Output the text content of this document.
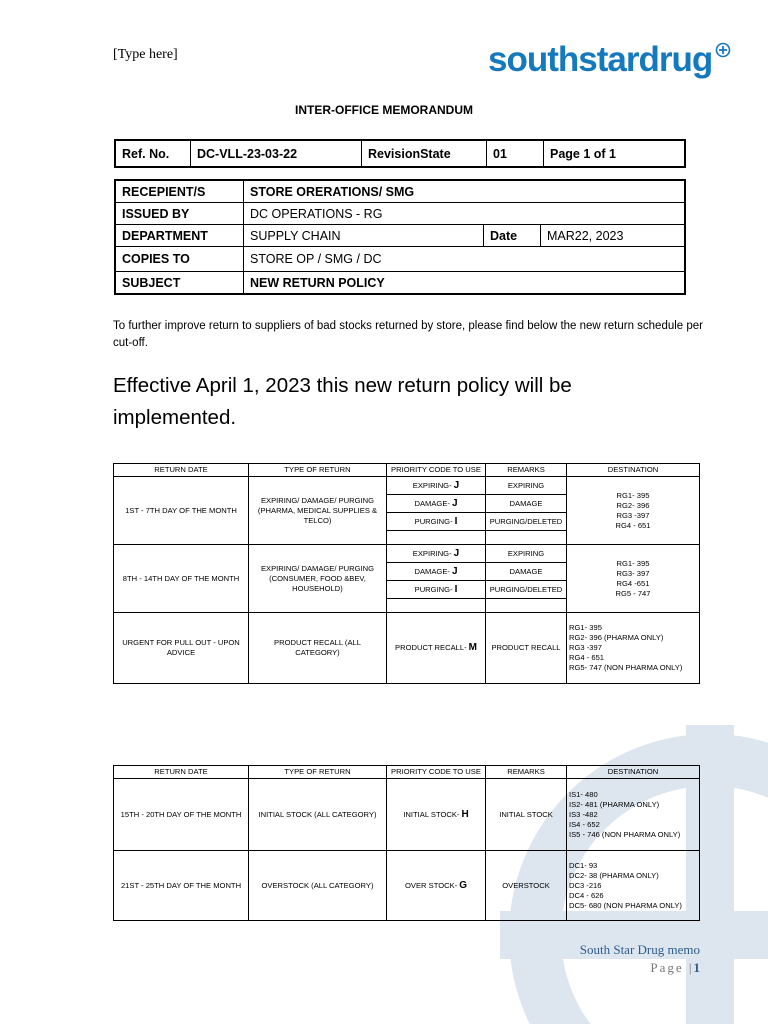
[Type here]	southstardrug
INTER-OFFICE MEMORANDUM
Ref. No.	DC-VLL-23-03-22	RevisionState	01	Page 1 of 1
RECEPIENT/S	STORE ORERATIONS/ SMG		
ISSUED BY	DC OPERATIONS - RG		
DEPARTMENT	SUPPLY CHAIN	Date	MAR22, 2023
COPIES TO	STORE OP / SMG / DC		
SUBJECT	NEW RETURN POLICY		
To further improve return to suppliers of bad stocks returned by store, please find below the new return schedule per cut-off.
Effective April 1, 2023 this new return policy will be implemented.
RETURN DATE	TYPE OF RETURN	PRIORITY CODE TO USE	REMARKS	DESTINATION
1ST - 7TH DAY OF THE MONTH	EXPIRING/ DAMAGE/ PURGING (PHARMA, MEDICAL SUPPLIES & TELCO)	EXPIRING- J	EXPIRING	RG1- 395
RG2- 396
RG3 -397
RG4 - 651

		DAMAGE- J	DAMAGE	
		PURGING- I	PURGING/DELETED	

8TH - 14TH DAY OF THE MONTH	EXPIRING/ DAMAGE/ PURGING (CONSUMER, FOOD &BEV, HOUSEHOLD)	EXPIRING- J	EXPIRING	RG1- 395
RG3- 397
RG4 -651
RG5 - 747

		DAMAGE- J	DAMAGE	
		PURGING- I	PURGING/DELETED	

URGENT FOR PULL OUT - UPON ADVICE	PRODUCT RECALL (ALL CATEGORY)	PRODUCT RECALL- M	PRODUCT RECALL	RG1- 395
RG2- 396 (PHARMA ONLY)
RG3 -397
RG4 - 651
RG5- 747 (NON PHARMA ONLY)
RETURN DATE	TYPE OF RETURN	PRIORITY CODE TO USE	REMARKS	DESTINATION
15TH - 20TH DAY OF THE MONTH	INITIAL STOCK (ALL CATEGORY)	INITIAL STOCK- H	INITIAL STOCK	IS1- 480
IS2- 481 (PHARMA ONLY)
IS3 -482
IS4 - 652
IS5 - 746 (NON PHARMA ONLY)

21ST - 25TH DAY OF THE MONTH	OVERSTOCK (ALL CATEGORY)	OVER STOCK- G	OVERSTOCK	DC1- 93
DC2- 38 (PHARMA ONLY)
DC3 -216
DC4 - 626
DC5- 680 (NON PHARMA ONLY)
South Star Drug memo
Page |1
